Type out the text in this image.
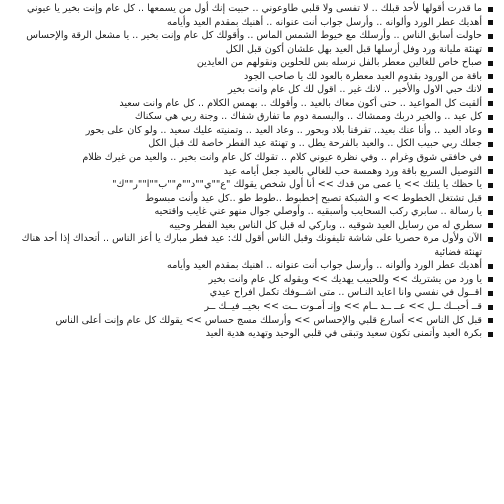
ما قدرت أقولها لأحد قبلك .. لا تفسى ولا قلبي طاوعوني .. حبيت إنك أول من يسمعها .. كل عام وإنت بخير يا عيوني
أهديك عطر الورد وألوانه .. وأرسل جواب أنت عنوانه .. أهنيك بمقدم العيد وأيامه
حاولت أسابق الناس .. وأرسلك مع خيوط الشمس الماس .. وأقولك كل عام وإنت بخير .. يا مشعل الرقة والإحساس
تهنئة مليانة ورد وفل أرسلها قبل العيد بهل علشان أكون قبل الكل
صباح خاص للغالين معطر بالفل نرسله بس للحلوين ونقولهم من العايدين
باقة من الورود بقدوم العيد معطرة بالعود لك يا صاحب الجود
لانك حبي الاول والأخير .. لانك غير .. اقول لك كل عام وانت بخير
ألقيت كل المواعيد .. حتى أكون معاك بالعيد .. وأقولك .. بهمس الكلام .. كل عام وانت سعيد
كل عيد .. والخير دربك وممشاك .. والبسمة دوم ما تفارق شفاك .. وجنة ربي هي سكناك
وعاد العيد .. وأنا عنك بعيد.. تفرقنا بلاد وبحور .. وعاد العيد .. وتمنيته عليك سعيد .. ولو كان على بحور
جعلك ربي حبيب الكل .. والعيد بالفرحة يطل .. و تهنئة عيد الفطر خاصة لك قبل الكل
في خافقي شوق وغرام .. وفي نظرة عيوني كلام .. تقولك كل عام وانت بخير .. والعيد من غيرك ظلام
التوصيل السريع باقة ورد وهمسة حب للغالي بالعيد جعل أيامه عيد
يا حظك يا يلتك >> يا عمى من قدك >> أنا أول شخص يقولك "ع""ي""د""م""ب""ا""ر""ك"
قبل تشتغل الخطوط >> و الشبكة تصبح إخطبوط ..طوط طو ..كل عيد وأنت مبسوط
يا رسالة .. سابري ركب السحايب وأسبقيه .. وأوصلي جوال منهو عني غايب واقتحيه
سطري له من رسايل العيد شوقيه .. وباركي له قبل كل الناس بعيد الفطر وحييه
الآن ولأول مرة حصريا على شاشة تليفونك وقبل الناس أقول لك: عيد فطر مبارك يا أعز الناس .. أتحداك إذا أحد هناك تهنئة فضائية
أهديك عطر الورد وألوانه .. وأرسل جواب أنت عنوانه .. اهنيك بمقدم العيد وأيامه
يا ورد من يشتريك >> وللحبيب يهديك >> ويقوله كل عام وانت بخير
اقــول في نفسي وانا اعايد النـاس .. متى اشــوفك تكمل افراح عيدي
قــ أحبــك ــل >> عــ ــد ــام >> وإنـ أمـوت ــت >> بخيــ فيــك ــر
قبل كل الناس >> أسارع قلبي والإحساس >> وأرسلك مسج حساس >> يقولك كل عام وإنت أعلى الناس
بكرة العيد وأتمنى تكون سعيد وتبقى في قلبي الوحيد وتهديه هدية العيد
